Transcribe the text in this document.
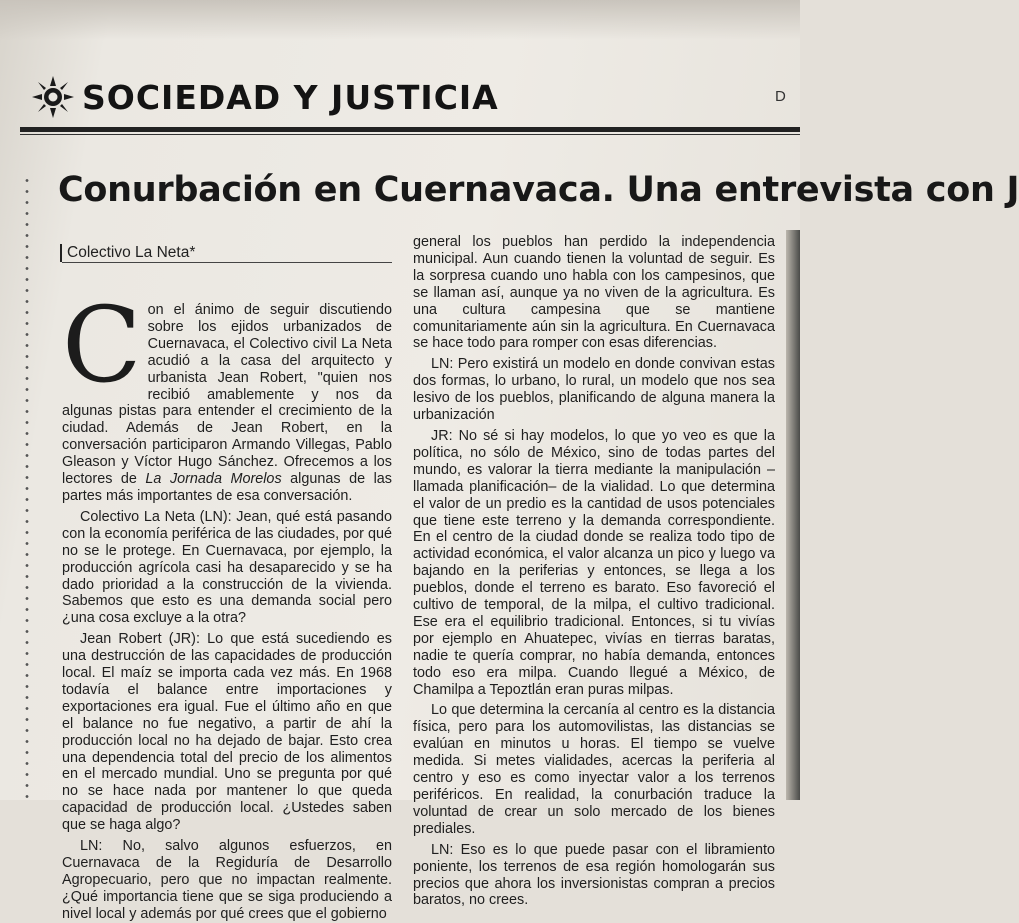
SOCIEDAD Y JUSTICIA	D
Conurbación en Cuernavaca. Una entrevista con J
Colectivo La Neta*

Con el ánimo de seguir discutiendo sobre los ejidos urbanizados de Cuernavaca, el Colectivo civil La Neta acudió a la casa del arquitecto y urbanista Jean Robert, "quien nos recibió amablemente y nos da algunas pistas para entender el crecimiento de la ciudad. Además de Jean Robert, en la conversación participaron Armando Villegas, Pablo Gleason y Víctor Hugo Sánchez. Ofrecemos a los lectores de La Jornada Morelos algunas de las partes más importantes de esa conversación.

Colectivo La Neta (LN): Jean, qué está pasando con la economía periférica de las ciudades, por qué no se le protege. En Cuernavaca, por ejemplo, la producción agrícola casi ha desaparecido y se ha dado prioridad a la construcción de la vivienda. Sabemos que esto es una demanda social pero ¿una cosa excluye a la otra?

Jean Robert (JR): Lo que está sucediendo es una destrucción de las capacidades de producción local. El maíz se importa cada vez más. En 1968 todavía el balance entre importaciones y exportaciones era igual. Fue el último año en que el balance no fue negativo, a partir de ahí la producción local no ha dejado de bajar. Esto crea una dependencia total del precio de los alimentos en el mercado mundial. Uno se pregunta por qué no se hace nada por mantener lo que queda capacidad de producción local. ¿Ustedes saben que se haga algo?

LN: No, salvo algunos esfuerzos, en Cuernavaca de la Regiduría de Desarrollo Agropecuario, pero que no impactan realmente. ¿Qué importancia tiene que se siga produciendo a nivel local y además por qué crees que el gobierno

general los pueblos han perdido la independencia municipal. Aun cuando tienen la voluntad de seguir. Es la sorpresa cuando uno habla con los campesinos, que se llaman así, aunque ya no viven de la agricultura. Es una cultura campesina que se mantiene comunitariamente aún sin la agricultura. En Cuernavaca se hace todo para romper con esas diferencias.

LN: Pero existirá un modelo en donde convivan estas dos formas, lo urbano, lo rural, un modelo que nos sea lesivo de los pueblos, planificando de alguna manera la urbanización

JR: No sé si hay modelos, lo que yo veo es que la política, no sólo de México, sino de todas partes del mundo, es valorar la tierra mediante la manipulación –llamada planificación– de la vialidad. Lo que determina el valor de un predio es la cantidad de usos potenciales que tiene este terreno y la demanda correspondiente. En el centro de la ciudad donde se realiza todo tipo de actividad económica, el valor alcanza un pico y luego va bajando en la periferias y entonces, se llega a los pueblos, donde el terreno es barato. Eso favoreció el cultivo de temporal, de la milpa, el cultivo tradicional. Ese era el equilibrio tradicional. Entonces, si tu vivías por ejemplo en Ahuatepec, vivías en tierras baratas, nadie te quería comprar, no había demanda, entonces todo eso era milpa. Cuando llegué a México, de Chamilpa a Tepoztlán eran puras milpas.

Lo que determina la cercanía al centro es la distancia física, pero para los automovilistas, las distancias se evalúan en minutos u horas. El tiempo se vuelve medida. Si metes vialidades, acercas la periferia al centro y eso es como inyectar valor a los terrenos periféricos. En realidad, la conurbación traduce la voluntad de crear un solo mercado de los bienes prediales.

LN: Eso es lo que puede pasar con el libramiento poniente, los terrenos de esa región homologarán sus precios que ahora los inversionistas compran a precios baratos, no crees.
